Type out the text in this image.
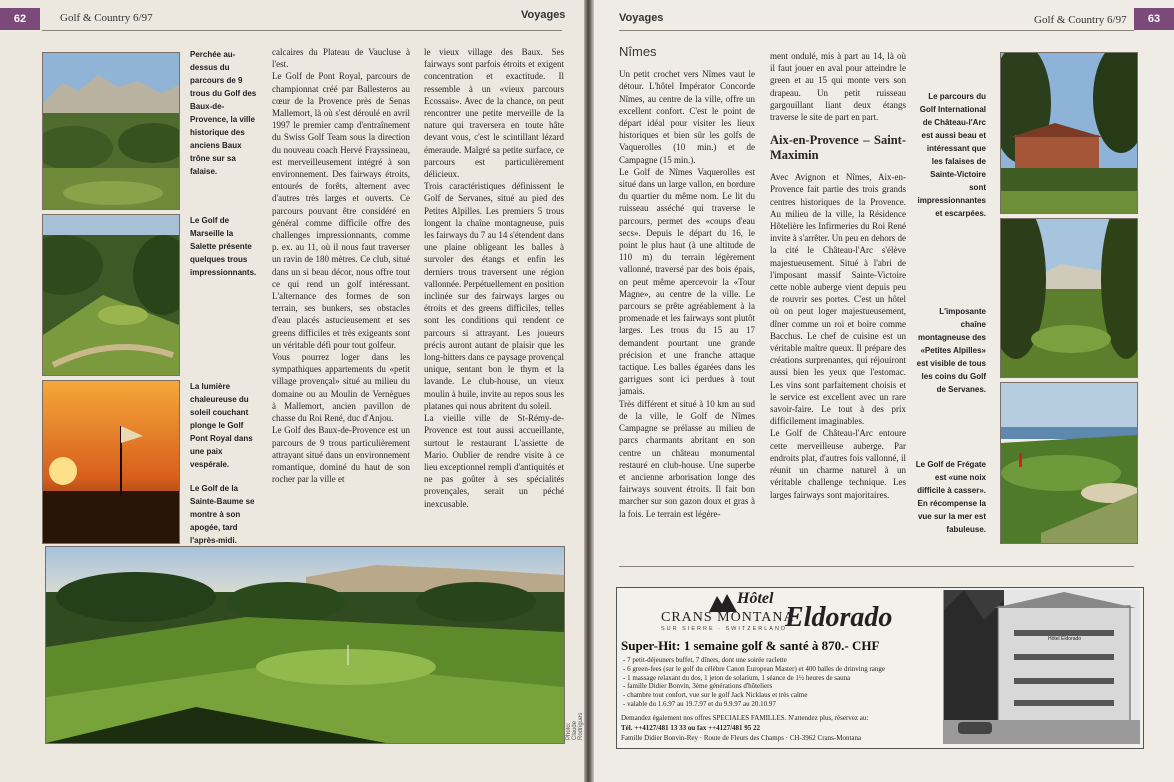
62	Golf & Country 6/97	Voyages
Perchée au-dessus du parcours de 9 trous du Golf des Baux-de-Provence, la ville historique des anciens Baux trône sur sa falaise.
Le Golf de Marseille la Salette présente quelques trous impressionnants.
La lumière chaleureuse du soleil couchant plonge le Golf Pont Royal dans une paix vespérale.
Le Golf de la Sainte-Baume se montre à son apogée, tard l'après-midi.

calcaires du Plateau de Vaucluse à l'est.

Le Golf de Pont Royal, parcours de championnat créé par Ballesteros au cœur de la Provence près de Senas Mallemort, là où s'est déroulé en avril 1997 le premier camp d'entraînement du Swiss Golf Team sous la direction du nouveau coach Hervé Frayssineau, est merveilleusement intégré à son environnement. Des fairways étroits, entourés de forêts, alternent avec d'autres très larges et ouverts. Ce parcours pouvant être considéré en général comme difficile offre des challenges impressionnants, comme p. ex. au 11, où il nous faut traverser un ravin de 180 mètres. Ce club, situé dans un si beau décor, nous offre tout ce qui rend un golf intéressant. L'alternance des formes de son terrain, ses bunkers, ses obstacles d'eau placés astucieusement et ses greens difficiles et très exigeants sont un véritable défi pour tout golfeur.

Vous pourrez loger dans les sympathiques appartements du «petit village provençal» situé au milieu du domaine ou au Moulin de Vernègues à Mallemort, ancien pavillon de chasse du Roi René, duc d'Anjou.

Le Golf des Baux-de-Provence est un parcours de 9 trous particulièrement attrayant situé dans un environnement romantique, dominé du haut de son rocher par la ville et

le vieux village des Baux. Ses fairways sont parfois étroits et exigent concentration et exactitude. Il ressemble à un «vieux parcours Ecossais». Avec de la chance, on peut rencontrer une petite merveille de la nature qui traversera en toute hâte devant vous, c'est le scintillant lézard émeraude. Malgré sa petite surface, ce parcours est particulièrement délicieux.

Trois caractéristiques définissent le Golf de Servanes, situé au pied des Petites Alpilles. Les premiers 5 trous longent la chaîne montagneuse, puis les fairways du 7 au 14 s'étendent dans une plaine obligeant les balles à survoler des étangs et enfin les derniers trous traversent une région vallonnée. Perpétuellement en position inclinée sur des fairways larges ou étroits et des greens difficiles, telles sont les conditions qui rendent ce parcours si attrayant. Les joueurs précis auront autant de plaisir que les long-hitters dans ce paysage provençal unique, sentant bon le thym et la lavande. Le club-house, un vieux moulin à huile, invite au repos sous les platanes qui nous abritent du soleil.

La vieille ville de St-Rémy-de-Provence est tout aussi accueillante, surtout le restaurant L'assiette de Mario. Oublier de rendre visite à ce lieu exceptionnel rempli d'antiquités et ne pas goûter à ses spécialités provençales, serait un péché inexcusable.

Photo: Claude Rodrigues
Voyages	Golf & Country 6/97	63
Nîmes

Un petit crochet vers Nîmes vaut le détour. L'hôtel Impérator Concorde Nîmes, au centre de la ville, offre un excellent confort. C'est le point de départ idéal pour visiter les lieux historiques et bien sûr les golfs de Vaquerolles (10 min.) et de Campagne (15 min.).

Le Golf de Nîmes Vaquerolles est situé dans un large vallon, en bordure du quartier du même nom. Le lit du ruisseau asséché qui traverse le parcours, permet des «coups d'eau secs». Depuis le départ du 16, le point le plus haut (à une altitude de 110 m) du terrain légèrement vallonné, traversé par des bois épais, on peut même apercevoir la «Tour Magne», au centre de la ville. Le parcours se prête agréablement à la promenade et les fairways sont plutôt larges. Les trous du 15 au 17 demandent pourtant une grande précision et une franche attaque tactique. Les balles égarées dans les garrigues sont ici perdues à tout jamais.

Très différent et situé à 10 km au sud de la ville, le Golf de Nîmes Campagne se prélasse au milieu de parcs charmants abritant en son centre un château monumental restauré en club-house. Une superbe et ancienne arborisation longe des fairways souvent étroits. Il fait bon marcher sur son gazon doux et gras à la fois. Le terrain est légère-

ment ondulé, mis à part au 14, là où il faut jouer en aval pour atteindre le green et au 15 qui monte vers son drapeau. Un petit ruisseau gargouillant liant deux étangs traverse le site de part en part.

Aix-en-Provence – Saint-Maximin

Avec Avignon et Nîmes, Aix-en-Provence fait partie des trois grands centres historiques de la Provence. Au milieu de la ville, la Résidence Hôtelière les Infirmeries du Roi René invite à s'arrêter. Un peu en dehors de la cité le Château-l'Arc s'élève majestueusement. Situé à l'abri de l'imposant massif Sainte-Victoire cette noble auberge vient depuis peu de rouvrir ses portes. C'est un hôtel où on peut loger majestueusement, dîner comme un roi et boire comme Bacchus. Le chef de cuisine est un véritable maître queux. Il prépare des créations surprenantes, qui réjouiront aussi bien les yeux que l'estomac. Les vins sont parfaitement choisis et le service est excellent avec un rare savoir-faire. Le tout à des prix difficilement imaginables.

Le Golf de Château-l'Arc entoure cette merveilleuse auberge. Par endroits plat, d'autres fois vallonné, il réunit un charme naturel à un véritable challenge technique. Les larges fairways sont majoritaires.

Le parcours du Golf International de Château-l'Arc est aussi beau et intéressant que les falaises de Sainte-Victoire sont impressionnantes et escarpées.
L'imposante chaîne montagneuse des «Petites Alpilles» est visible de tous les coins du Golf de Servanes.
Le Golf de Frégate est «une noix difficile à casser». En récompense la vue sur la mer est fabuleuse.
Hôtel
CRANS MONTANA
Eldorado
SUR SIERRE · SWITZERLAND
Super-Hit: 1 semaine golf & santé à 870.- CHF
- 7 petit-déjeuners buffet, 7 dîners, dont une soirée raclette
- 6 green-fees (sur le golf du célèbre Canon European Master) et 400 balles de drinving range
- 1 massage relaxant du dos, 1 jeton de solarium, 1 séance de 1½ heures de sauna
- famille Didier Bonvin, 3ème générations d'hôteliers
- chambre tout confort, vue sur le golf Jack Nicklaus et très calme
- valable du 1.6.97 au 19.7.97 et du 9.9.97 au 20.10.97
Demandez également nos offres SPECIALES FAMILLES. N'attendez plus, réservez au:
Tél. ++4127/481 13 33 ou fax ++4127/481 95 22
Famille Didier Bonvin-Rey · Route de Fleurs des Champs · CH-3962 Crans-Montana
Hôtel Eldorado
